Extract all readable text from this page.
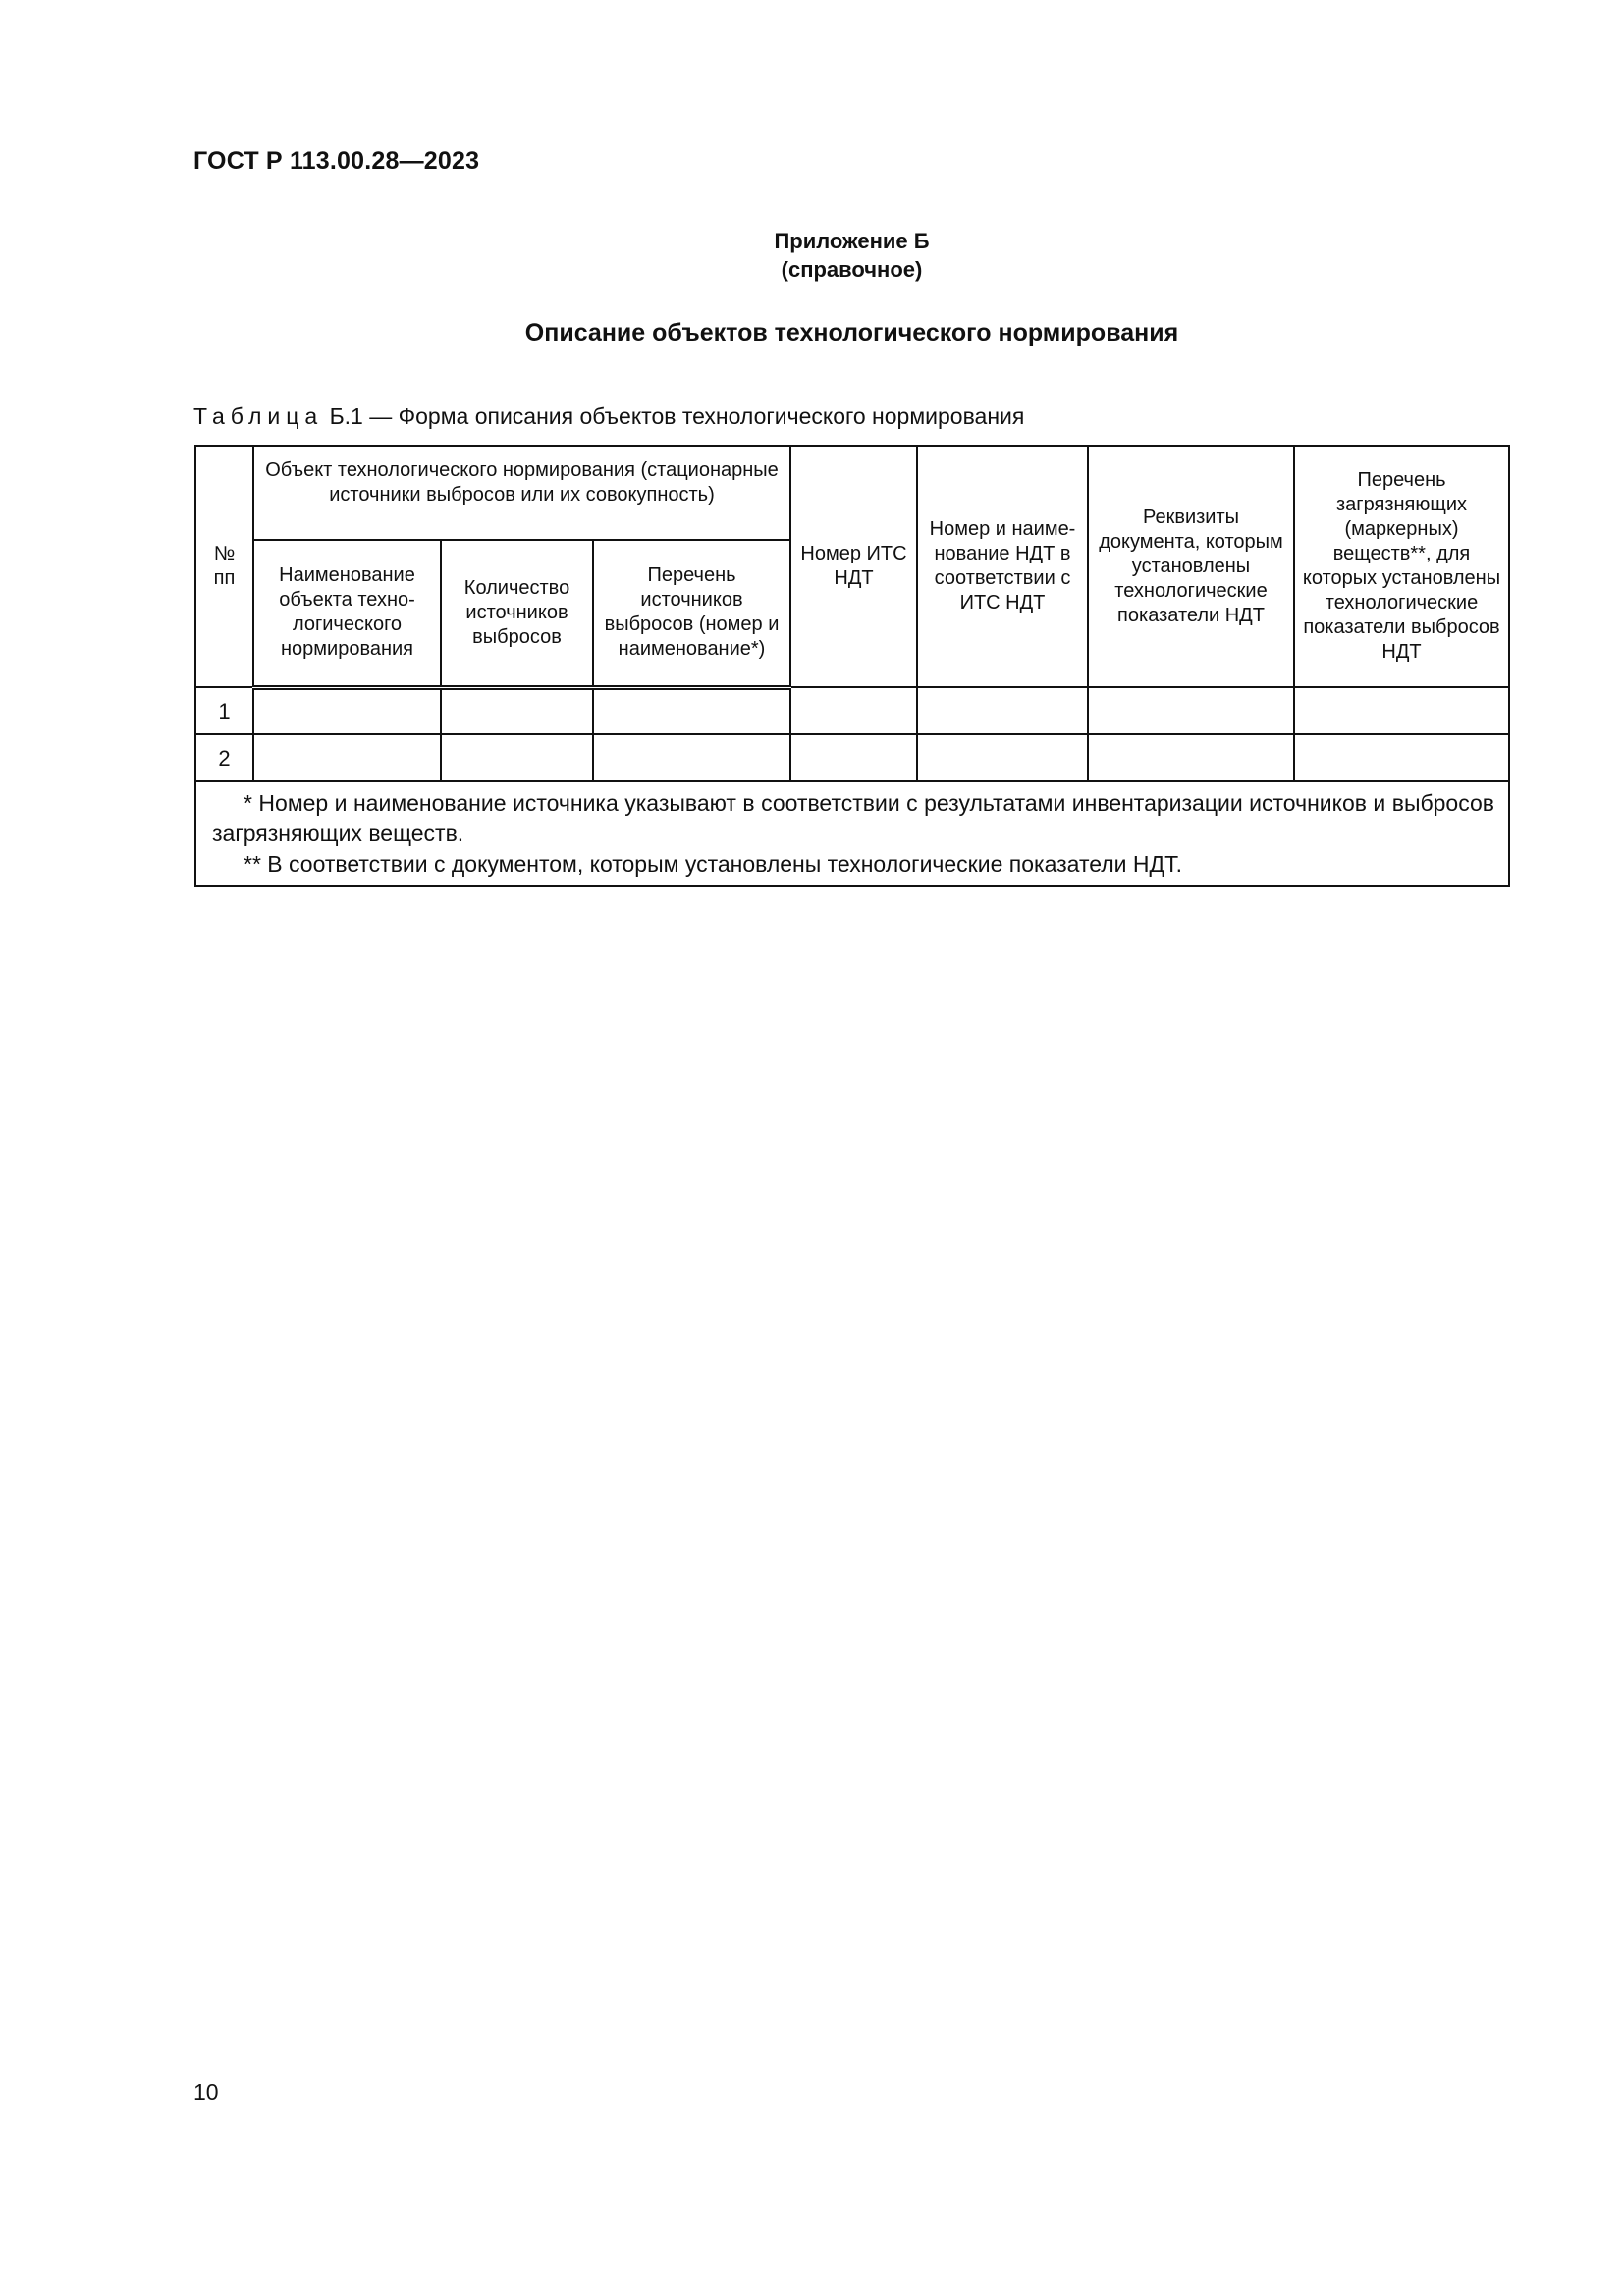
ГОСТ Р 113.00.28—2023
Приложение Б
(справочное)
Описание объектов технологического нормирования
Таблица Б.1 — Форма описания объектов технологического нормирования
№ пп	Объект технологического нормирования (стационарные источники выбросов или их совокупность)			Номер ИТС НДТ	Номер и наиме-нование НДТ в соответствии с ИТС НДТ	Реквизиты документа, которым установлены технологические показатели НДТ	Перечень загрязняющих (маркерных) веществ**, для которых установлены технологические показатели выбросов НДТ
	Наименование объекта техно-логического нормирования	Количество источников выбросов	Перечень источников выбросов (номер и наименование*)				
1							
2							

* Номер и наименование источника указывают в соответствии с результатами инвентаризации источников и выбросов загрязняющих веществ.
** В соответствии с документом, которым установлены технологические показатели НДТ.							
10
